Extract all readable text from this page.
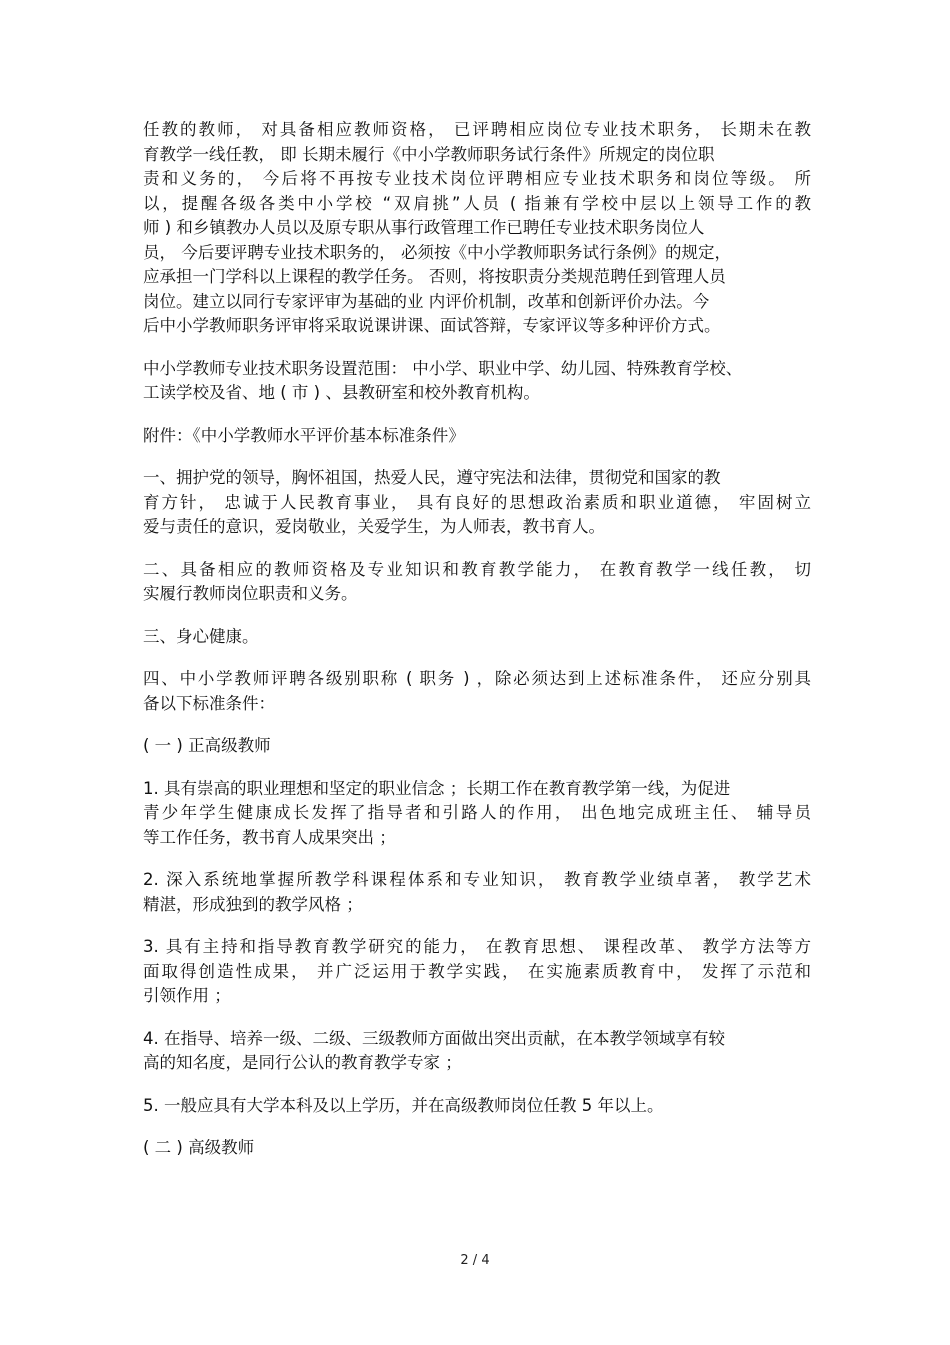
任教的教师， 对具备相应教师资格， 已评聘相应岗位专业技术职务， 长期未在教
育教学一线任教， 即 长期未履行《中小学教师职务试行条件》所规定的岗位职
责和义务的， 今后将不再按专业技术岗位评聘相应专业技术职务和岗位等级。 所
以，提醒各级各类中小学校 “双肩挑”人员 ( 指兼有学校中层以上领导工作的教
师 ) 和乡镇教办人员以及原专职从事行政管理工作已聘任专业技术职务岗位人
员， 今后要评聘专业技术职务的， 必须按《中小学教师职务试行条例》的规定，
应承担一门学科以上课程的教学任务。 否则，将按职责分类规范聘任到管理人员
岗位。建立以同行专家评审为基础的业 内评价机制，改革和创新评价办法。今
后中小学教师职务评审将采取说课讲课、面试答辩，专家评议等多种评价方式。

中小学教师专业技术职务设置范围： 中小学、职业中学、幼儿园、特殊教育学校、
工读学校及省、地 ( 市 ) 、县教研室和校外教育机构。

附件：《中小学教师水平评价基本标准条件》

一、拥护党的领导，胸怀祖国，热爱人民，遵守宪法和法律，贯彻党和国家的教
育方针， 忠诚于人民教育事业， 具有良好的思想政治素质和职业道德， 牢固树立
爱与责任的意识，爱岗敬业，关爱学生，为人师表，教书育人。

二、具备相应的教师资格及专业知识和教育教学能力， 在教育教学一线任教， 切
实履行教师岗位职责和义务。

三、身心健康。

四、中小学教师评聘各级别职称 ( 职务 ) ，除必须达到上述标准条件， 还应分别具
备以下标准条件：

( 一 ) 正高级教师

1. 具有崇高的职业理想和坚定的职业信念 ；长期工作在教育教学第一线，为促进
青少年学生健康成长发挥了指导者和引路人的作用， 出色地完成班主任、 辅导员
等工作任务，教书育人成果突出 ；

2. 深入系统地掌握所教学科课程体系和专业知识， 教育教学业绩卓著， 教学艺术
精湛，形成独到的教学风格 ；

3. 具有主持和指导教育教学研究的能力， 在教育思想、 课程改革、 教学方法等方
面取得创造性成果， 并广泛运用于教学实践， 在实施素质教育中， 发挥了示范和
引领作用 ；

4. 在指导、培养一级、二级、三级教师方面做出突出贡献，在本教学领域享有较
高的知名度，是同行公认的教育教学专家 ；

5. 一般应具有大学本科及以上学历，并在高级教师岗位任教 5 年以上。

( 二 ) 高级教师

2 / 4
